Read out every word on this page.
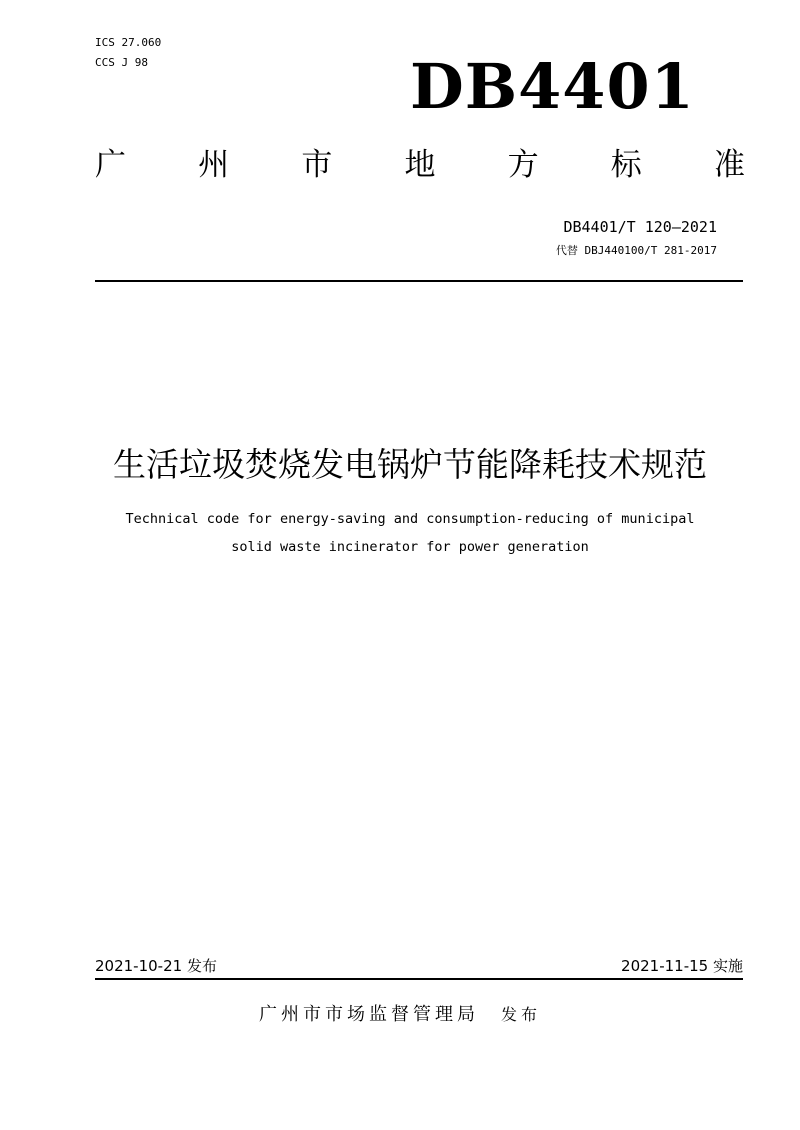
ICS 27.060
CCS J 98	DB4401
广 州 市 地 方 标 准
DB4401/T 120—2021
代替 DBJ440100/T 281-2017
生活垃圾焚烧发电锅炉节能降耗技术规范
Technical code for energy-saving and consumption-reducing of municipal
solid waste incinerator for power generation
2021-10-21 发布	2021-11-15 实施
广州市市场监督管理局 发布
